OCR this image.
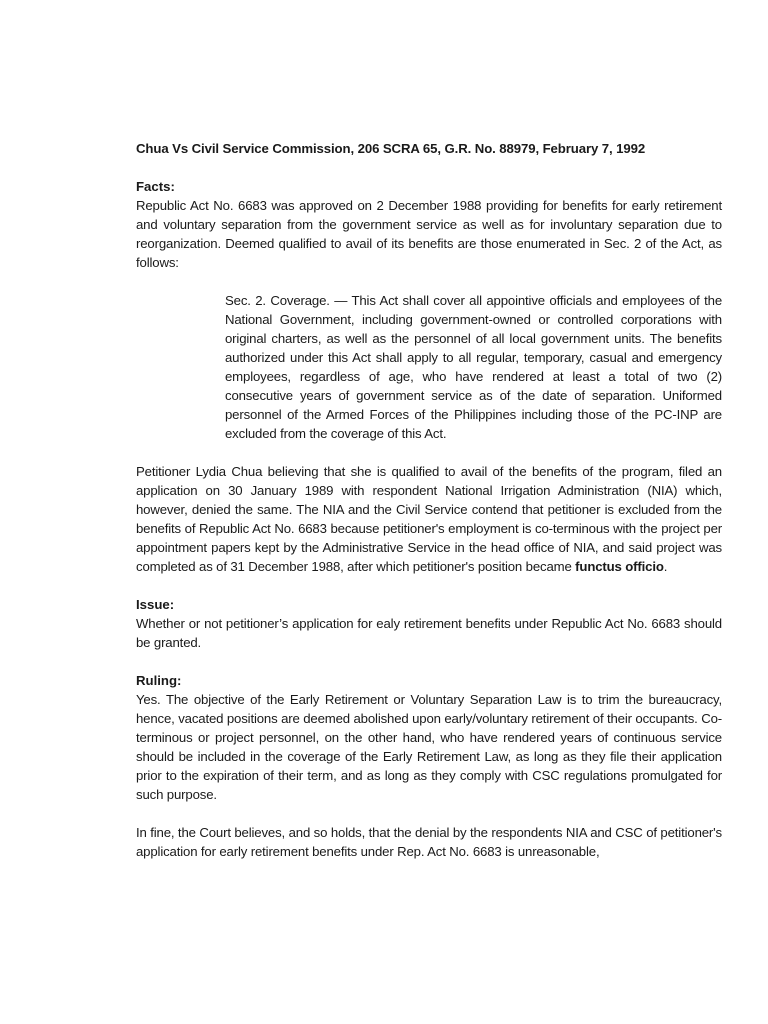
Chua Vs Civil Service Commission, 206 SCRA 65, G.R. No. 88979, February 7, 1992

Facts:

Republic Act No. 6683 was approved on 2 December 1988 providing for benefits for early retirement and voluntary separation from the government service as well as for involuntary separation due to reorganization. Deemed qualified to avail of its benefits are those enumerated in Sec. 2 of the Act, as follows:

Sec. 2. Coverage. — This Act shall cover all appointive officials and employees of the National Government, including government-owned or controlled corporations with original charters, as well as the personnel of all local government units. The benefits authorized under this Act shall apply to all regular, temporary, casual and emergency employees, regardless of age, who have rendered at least a total of two (2) consecutive years of government service as of the date of separation. Uniformed personnel of the Armed Forces of the Philippines including those of the PC-INP are excluded from the coverage of this Act.

Petitioner Lydia Chua believing that she is qualified to avail of the benefits of the program, filed an application on 30 January 1989 with respondent National Irrigation Administration (NIA) which, however, denied the same. The NIA and the Civil Service contend that petitioner is excluded from the benefits of Republic Act No. 6683 because petitioner's employment is co-terminous with the project per appointment papers kept by the Administrative Service in the head office of NIA, and said project was completed as of 31 December 1988, after which petitioner's position became functus officio.

Issue:

Whether or not petitioner’s application for ealy retirement benefits under Republic Act No. 6683 should be granted.

Ruling:

Yes. The objective of the Early Retirement or Voluntary Separation Law is to trim the bureaucracy, hence, vacated positions are deemed abolished upon early/voluntary retirement of their occupants. Co-terminous or project personnel, on the other hand, who have rendered years of continuous service should be included in the coverage of the Early Retirement Law, as long as they file their application prior to the expiration of their term, and as long as they comply with CSC regulations promulgated for such purpose.

In fine, the Court believes, and so holds, that the denial by the respondents NIA and CSC of petitioner's application for early retirement benefits under Rep. Act No. 6683 is unreasonable,
